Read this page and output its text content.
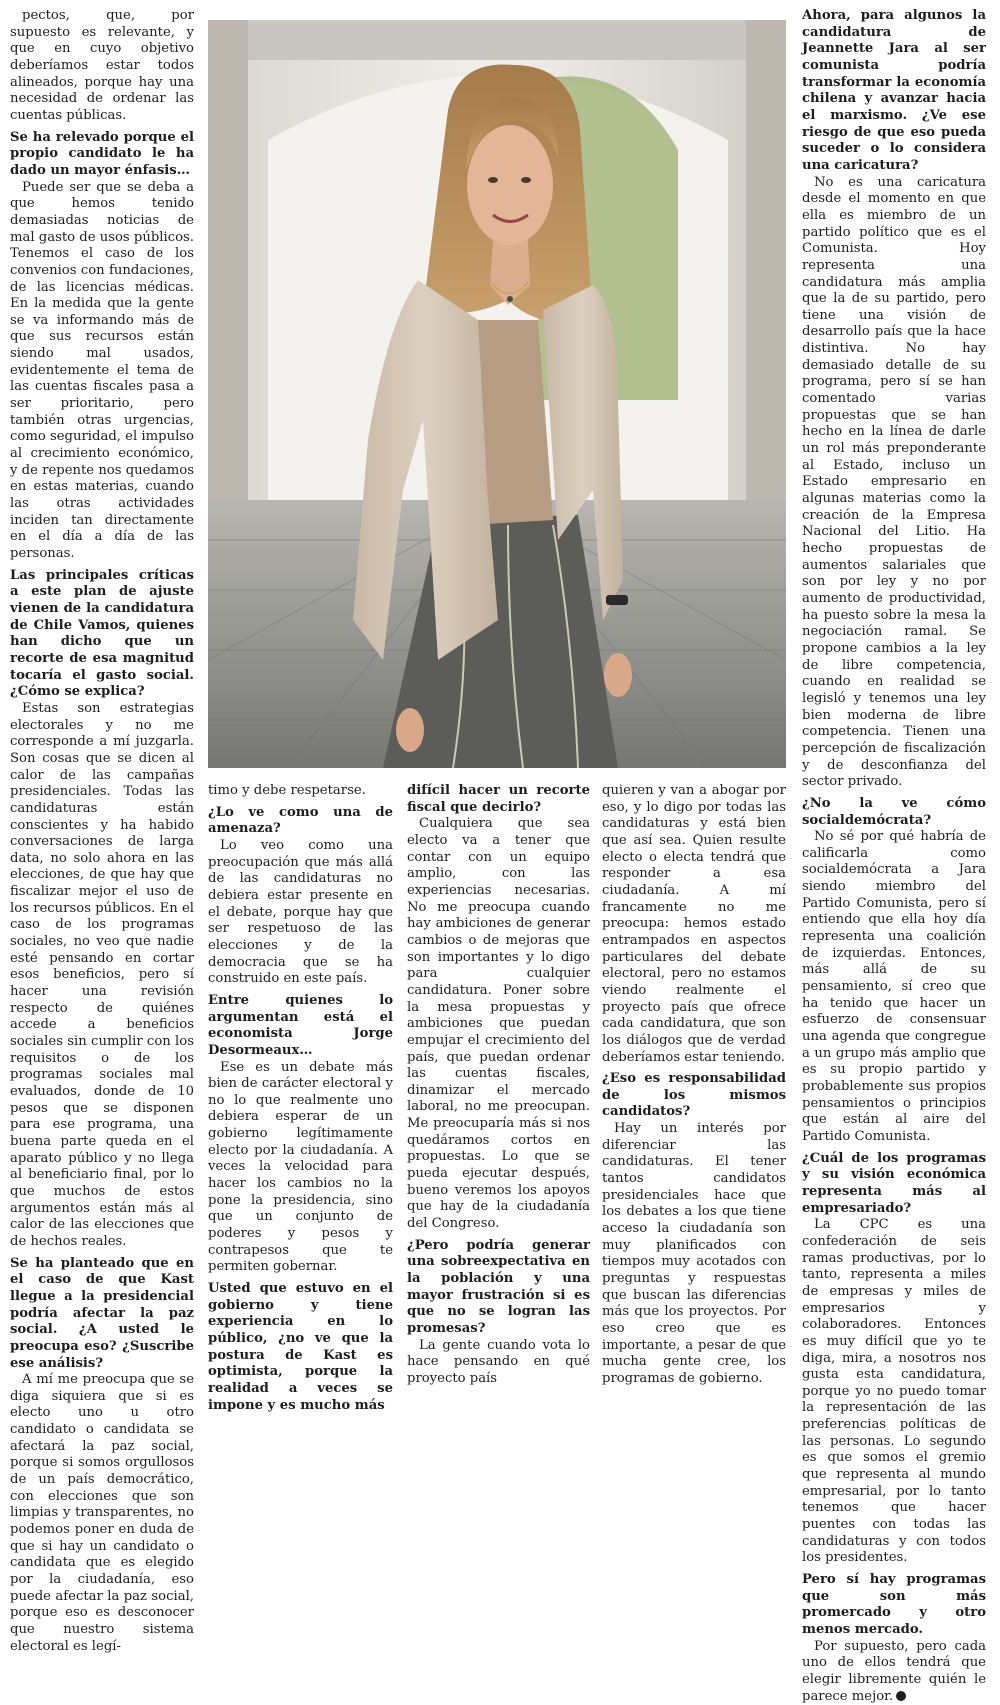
pectos, que, por supuesto es relevante, y que en cuyo objetivo deberíamos estar todos alineados, porque hay una necesidad de ordenar las cuentas públicas.

Se ha relevado porque el propio candidato le ha dado un mayor énfasis…

Puede ser que se deba a que hemos tenido demasiadas noticias de mal gasto de usos públicos. Tenemos el caso de los convenios con fundaciones, de las licencias médicas. En la medida que la gente se va informando más de que sus recursos están siendo mal usados, evidentemente el tema de las cuentas fiscales pasa a ser prioritario, pero también otras urgencias, como seguridad, el impulso al crecimiento económico, y de repente nos quedamos en estas materias, cuando las otras actividades inciden tan directamente en el día a día de las personas.

Las principales críticas a este plan de ajuste vienen de la candidatura de Chile Vamos, quienes han dicho que un recorte de esa magnitud tocaría el gasto social. ¿Cómo se explica?

Estas son estrategias electorales y no me corresponde a mí juzgarla. Son cosas que se dicen al calor de las campañas presidenciales. Todas las candidaturas están conscientes y ha habido conversaciones de larga data, no solo ahora en las elecciones, de que hay que fiscalizar mejor el uso de los recursos públicos. En el caso de los programas sociales, no veo que nadie esté pensando en cortar esos beneficios, pero sí hacer una revisión respecto de quiénes accede a beneficios sociales sin cumplir con los requisitos o de los programas sociales mal evaluados, donde de 10 pesos que se disponen para ese programa, una buena parte queda en el aparato público y no llega al beneficiario final, por lo que muchos de estos argumentos están más al calor de las elecciones que de hechos reales.

Se ha planteado que en el caso de que Kast llegue a la presidencial podría afectar la paz social. ¿A usted le preocupa eso? ¿Suscribe ese análisis?

A mí me preocupa que se diga siquiera que si es electo uno u otro candidato o candidata se afectará la paz social, porque si somos orgullosos de un país democrático, con elecciones que son limpias y transparentes, no podemos poner en duda de que si hay un candidato o candidata que es elegido por la ciudadanía, eso puede afectar la paz social, porque eso es desconocer que nuestro sistema electoral es legí-

timo y debe respetarse.

¿Lo ve como una de amenaza?

Lo veo como una preocupación que más allá de las candidaturas no debiera estar presente en el debate, porque hay que ser respetuoso de las elecciones y de la democracia que se ha construido en este país.

Entre quienes lo argumentan está el economista Jorge Desormeaux…

Ese es un debate más bien de carácter electoral y no lo que realmente uno debiera esperar de un gobierno legítimamente electo por la ciudadanía. A veces la velocidad para hacer los cambios no la pone la presidencia, sino que un conjunto de poderes y pesos y contrapesos que te permiten gobernar.

Usted que estuvo en el gobierno y tiene experiencia en lo público, ¿no ve que la postura de Kast es optimista, porque la realidad a veces se impone y es mucho más

difícil hacer un recorte fiscal que decirlo?

Cualquiera que sea electo va a tener que contar con un equipo amplio, con las experiencias necesarias. No me preocupa cuando hay ambiciones de generar cambios o de mejoras que son importantes y lo digo para cualquier candidatura. Poner sobre la mesa propuestas y ambiciones que puedan empujar el crecimiento del país, que puedan ordenar las cuentas fiscales, dinamizar el mercado laboral, no me preocupan. Me preocuparía más si nos quedáramos cortos en propuestas. Lo que se pueda ejecutar después, bueno veremos los apoyos que hay de la ciudadanía del Congreso.

¿Pero podría generar una sobreexpectativa en la población y una mayor frustración si es que no se logran las promesas?

La gente cuando vota lo hace pensando en qué proyecto país

quieren y van a abogar por eso, y lo digo por todas las candidaturas y está bien que así sea. Quien resulte electo o electa tendrá que responder a esa ciudadanía. A mí francamente no me preocupa: hemos estado entrampados en aspectos particulares del debate electoral, pero no estamos viendo realmente el proyecto país que ofrece cada candidatura, que son los diálogos que de verdad deberíamos estar teniendo.

¿Eso es responsabilidad de los mismos candidatos?

Hay un interés por diferenciar las candidaturas. El tener tantos candidatos presidenciales hace que los debates a los que tiene acceso la ciudadanía son muy planificados con tiempos muy acotados con preguntas y respuestas que buscan las diferencias más que los proyectos. Por eso creo que es importante, a pesar de que mucha gente cree, los programas de gobierno.

Ahora, para algunos la candidatura de Jeannette Jara al ser comunista podría transformar la economía chilena y avanzar hacia el marxismo. ¿Ve ese riesgo de que eso pueda suceder o lo considera una caricatura?

No es una caricatura desde el momento en que ella es miembro de un partido político que es el Comunista. Hoy representa una candidatura más amplia que la de su partido, pero tiene una visión de desarrollo país que la hace distintiva. No hay demasiado detalle de su programa, pero sí se han comentado varias propuestas que se han hecho en la línea de darle un rol más preponderante al Estado, incluso un Estado empresario en algunas materias como la creación de la Empresa Nacional del Litio. Ha hecho propuestas de aumentos salariales que son por ley y no por aumento de productividad, ha puesto sobre la mesa la negociación ramal. Se propone cambios a la ley de libre competencia, cuando en realidad se legisló y tenemos una ley bien moderna de libre competencia. Tienen una percepción de fiscalización y de desconfianza del sector privado.

¿No la ve cómo socialdemócrata?

No sé por qué habría de calificarla como socialdemócrata a Jara siendo miembro del Partido Comunista, pero sí entiendo que ella hoy día representa una coalición de izquierdas. Entonces, más allá de su pensamiento, sí creo que ha tenido que hacer un esfuerzo de consensuar una agenda que congregue a un grupo más amplio que es su propio partido y probablemente sus propios pensamientos o principios que están al aire del Partido Comunista.

¿Cuál de los programas y su visión económica representa más al empresariado?

La CPC es una confederación de seis ramas productivas, por lo tanto, representa a miles de empresas y miles de empresarios y colaboradores. Entonces es muy difícil que yo te diga, mira, a nosotros nos gusta esta candidatura, porque yo no puedo tomar la representación de las preferencias políticas de las personas. Lo segundo es que somos el gremio que representa al mundo empresarial, por lo tanto tenemos que hacer puentes con todas las candidaturas y con todos los presidentes.

Pero sí hay programas que son más promercado y otro menos mercado.

Por supuesto, pero cada uno de ellos tendrá que elegir libremente quién le parece mejor. P
